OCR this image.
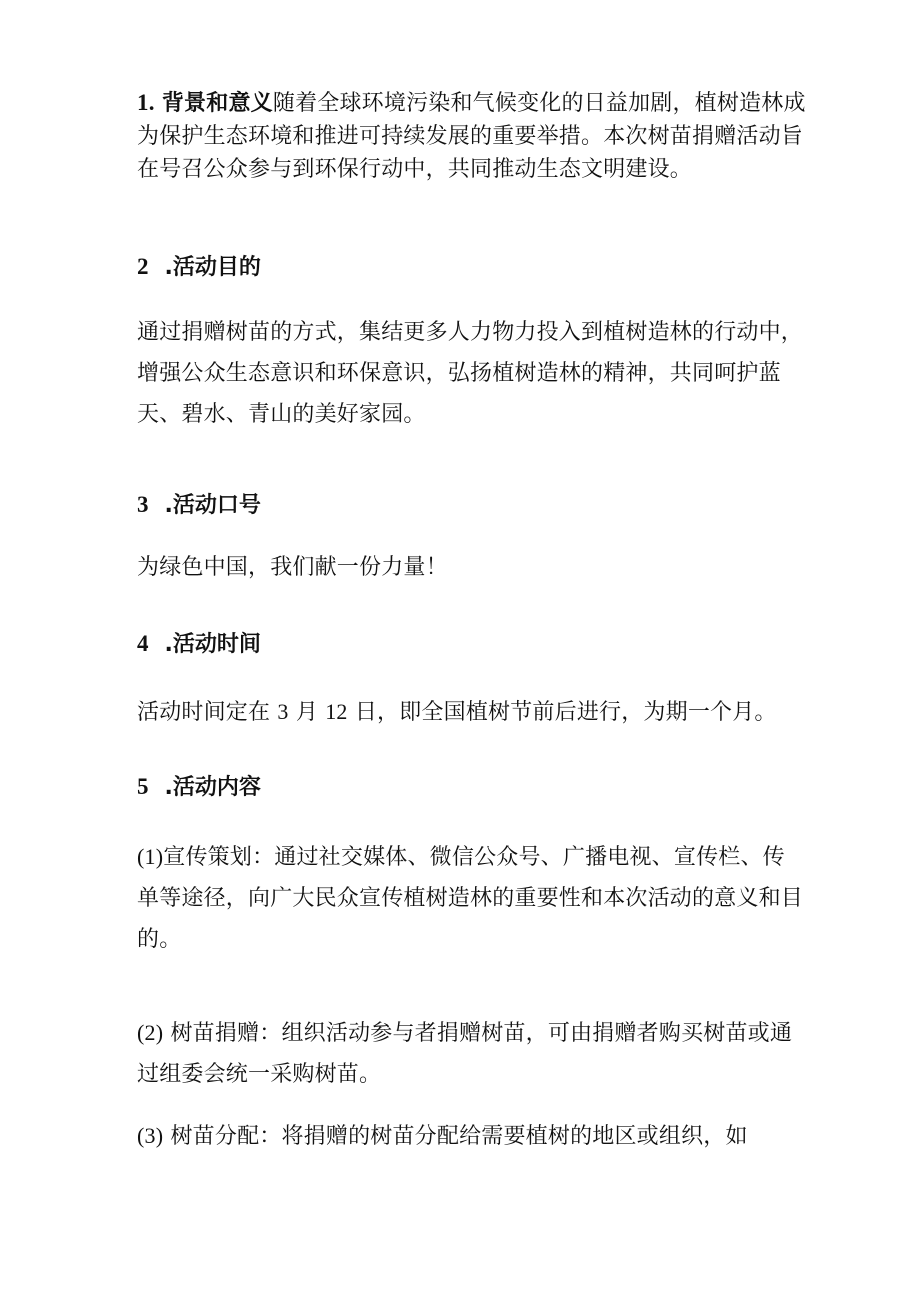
1. 背景和意义随着全球环境污染和气候变化的日益加剧，植树造林成为保护生态环境和推进可持续发展的重要举措。本次树苗捐赠活动旨在号召公众参与到环保行动中，共同推动生态文明建设。

2 .活动目的

通过捐赠树苗的方式，集结更多人力物力投入到植树造林的行动中，增强公众生态意识和环保意识，弘扬植树造林的精神，共同呵护蓝天、碧水、青山的美好家园。

3 .活动口号

为绿色中国，我们献一份力量！

4 .活动时间

活动时间定在 3 月 12 日，即全国植树节前后进行，为期一个月。

5 .活动内容

(1)宣传策划：通过社交媒体、微信公众号、广播电视、宣传栏、传单等途径，向广大民众宣传植树造林的重要性和本次活动的意义和目的。

(2) 树苗捐赠：组织活动参与者捐赠树苗，可由捐赠者购买树苗或通过组委会统一采购树苗。

(3) 树苗分配：将捐赠的树苗分配给需要植树的地区或组织，如
